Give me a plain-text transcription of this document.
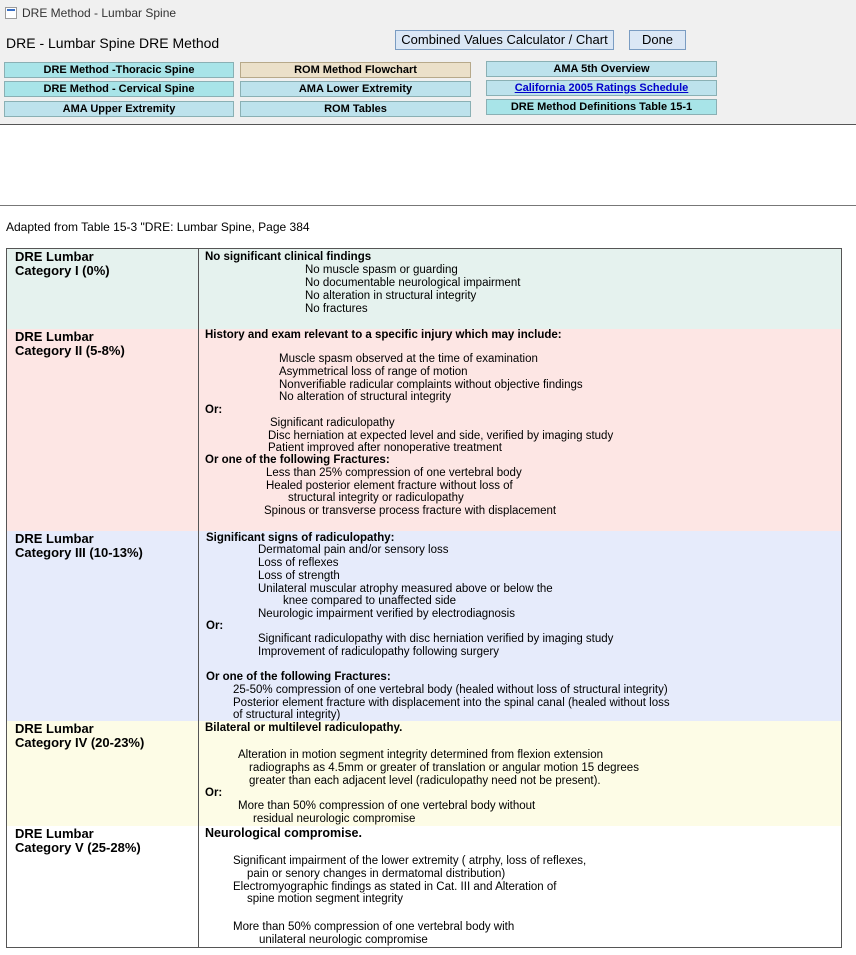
DRE Method - Lumbar Spine
DRE - Lumbar Spine DRE Method	Combined Values Calculator / Chart	Done
DRE Method -Thoracic Spine
DRE Method - Cervical Spine
AMA Upper Extremity
ROM Method Flowchart
AMA Lower Extremity
ROM Tables
AMA 5th Overview
California 2005 Ratings Schedule
DRE Method Definitions Table 15-1
Adapted from Table 15-3 "DRE: Lumbar Spine, Page 384
DRE Lumbar
Category I (0%)
No significant clinical findings
No muscle spasm or guarding
No documentable neurological impairment
No alteration in structural integrity
No fractures
DRE Lumbar
Category II (5-8%)
History and exam relevant to a specific injury which may include:
Muscle spasm observed at the time of examination
Asymmetrical loss of range of motion
Nonverifiable radicular complaints without objective findings
No alteration of structural integrity
Or:
Significant radiculopathy
Disc herniation at expected level and side, verified by imaging study
Patient improved after nonoperative treatment
Or one of the following Fractures:
Less than 25% compression of one vertebral body
Healed posterior element fracture without loss of
structural integrity or radiculopathy
Spinous or transverse process fracture with displacement
DRE Lumbar
Category III (10-13%)
Significant signs of radiculopathy:
Dermatomal pain and/or sensory loss
Loss of reflexes
Loss of strength
Unilateral muscular atrophy measured above or below the
knee compared to unaffected side
Neurologic impairment verified by electrodiagnosis
Or:
Significant radiculopathy with disc herniation verified by imaging study
Improvement of radiculopathy following surgery
Or one of the following Fractures:
25-50% compression of one vertebral body (healed without loss of structural integrity)
Posterior element fracture with displacement into the spinal canal (healed without loss
of structural integrity)
DRE Lumbar
Category IV (20-23%)
Bilateral or multilevel radiculopathy.
Alteration in motion segment integrity determined from flexion extension
radiographs as 4.5mm or greater of translation or angular motion 15 degrees
greater than each adjacent level (radiculopathy need not be present).
Or:
More than 50% compression of one vertebral body without
residual neurologic compromise
DRE Lumbar
Category V (25-28%)
Neurological compromise.
Significant impairment of the lower extremity ( atrphy, loss of reflexes,
pain or senory changes in dermatomal distribution)
Electromyographic findings as stated in Cat. III and Alteration of
spine motion segment integrity
More than 50% compression of one vertebral body with
unilateral neurologic compromise
